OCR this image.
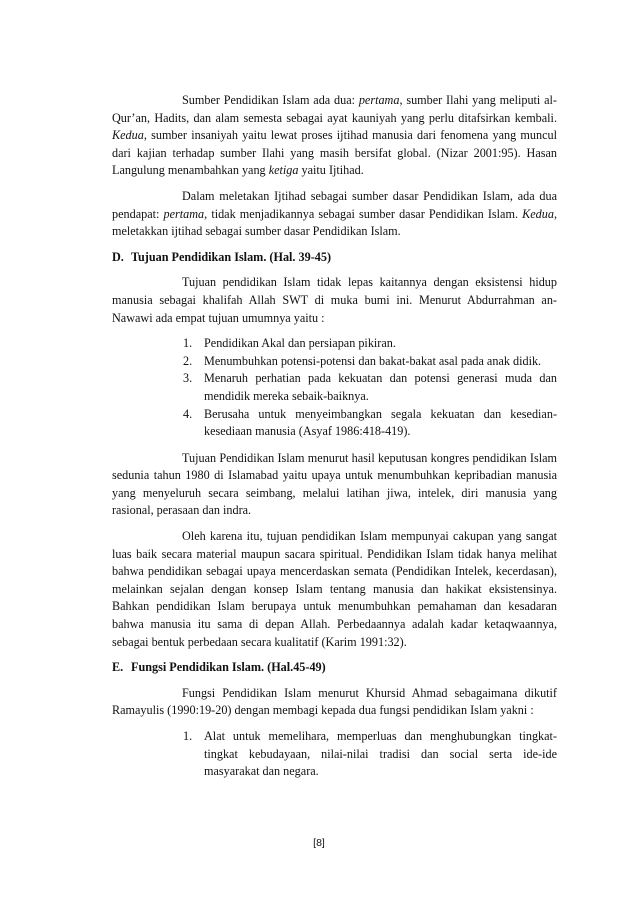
Sumber Pendidikan Islam ada dua: pertama, sumber Ilahi yang meliputi al-Qur’an, Hadits, dan alam semesta sebagai ayat kauniyah yang perlu ditafsirkan kembali. Kedua, sumber insaniyah yaitu lewat proses ijtihad manusia dari fenomena yang muncul dari kajian terhadap sumber Ilahi yang masih bersifat global. (Nizar 2001:95). Hasan Langulung menambahkan yang ketiga yaitu Ijtihad.

Dalam meletakan Ijtihad sebagai sumber dasar Pendidikan Islam, ada dua pendapat: pertama, tidak menjadikannya sebagai sumber dasar Pendidikan Islam. Kedua, meletakkan ijtihad sebagai sumber dasar Pendidikan Islam.

D. Tujuan Pendidikan Islam. (Hal. 39-45)

Tujuan pendidikan Islam tidak lepas kaitannya dengan eksistensi hidup manusia sebagai khalifah Allah SWT di muka bumi ini. Menurut Abdurrahman an-Nawawi ada empat tujuan umumnya yaitu :

1. Pendidikan Akal dan persiapan pikiran.
2. Menumbuhkan potensi-potensi dan bakat-bakat asal pada anak didik.
3. Menaruh perhatian pada kekuatan dan potensi generasi muda dan mendidik mereka sebaik-baiknya.
4. Berusaha untuk menyeimbangkan segala kekuatan dan kesedian-kesediaan manusia (Asyaf 1986:418-419).

Tujuan Pendidikan Islam menurut hasil keputusan kongres pendidikan Islam sedunia tahun 1980 di Islamabad yaitu upaya untuk menumbuhkan kepribadian manusia yang menyeluruh secara seimbang, melalui latihan jiwa, intelek, diri manusia yang rasional, perasaan dan indra.

Oleh karena itu, tujuan pendidikan Islam mempunyai cakupan yang sangat luas baik secara material maupun sacara spiritual. Pendidikan Islam tidak hanya melihat bahwa pendidikan sebagai upaya mencerdaskan semata (Pendidikan Intelek, kecerdasan), melainkan sejalan dengan konsep Islam tentang manusia dan hakikat eksistensinya. Bahkan pendidikan Islam berupaya untuk menumbuhkan pemahaman dan kesadaran bahwa manusia itu sama di depan Allah. Perbedaannya adalah kadar ketaqwaannya, sebagai bentuk perbedaan secara kualitatif (Karim 1991:32).

E. Fungsi Pendidikan Islam. (Hal.45-49)

Fungsi Pendidikan Islam menurut Khursid Ahmad sebagaimana dikutif Ramayulis (1990:19-20) dengan membagi kepada dua fungsi pendidikan Islam yakni :

1. Alat untuk memelihara, memperluas dan menghubungkan tingkat-tingkat kebudayaan, nilai-nilai tradisi dan social serta ide-ide masyarakat dan negara.
[8]
